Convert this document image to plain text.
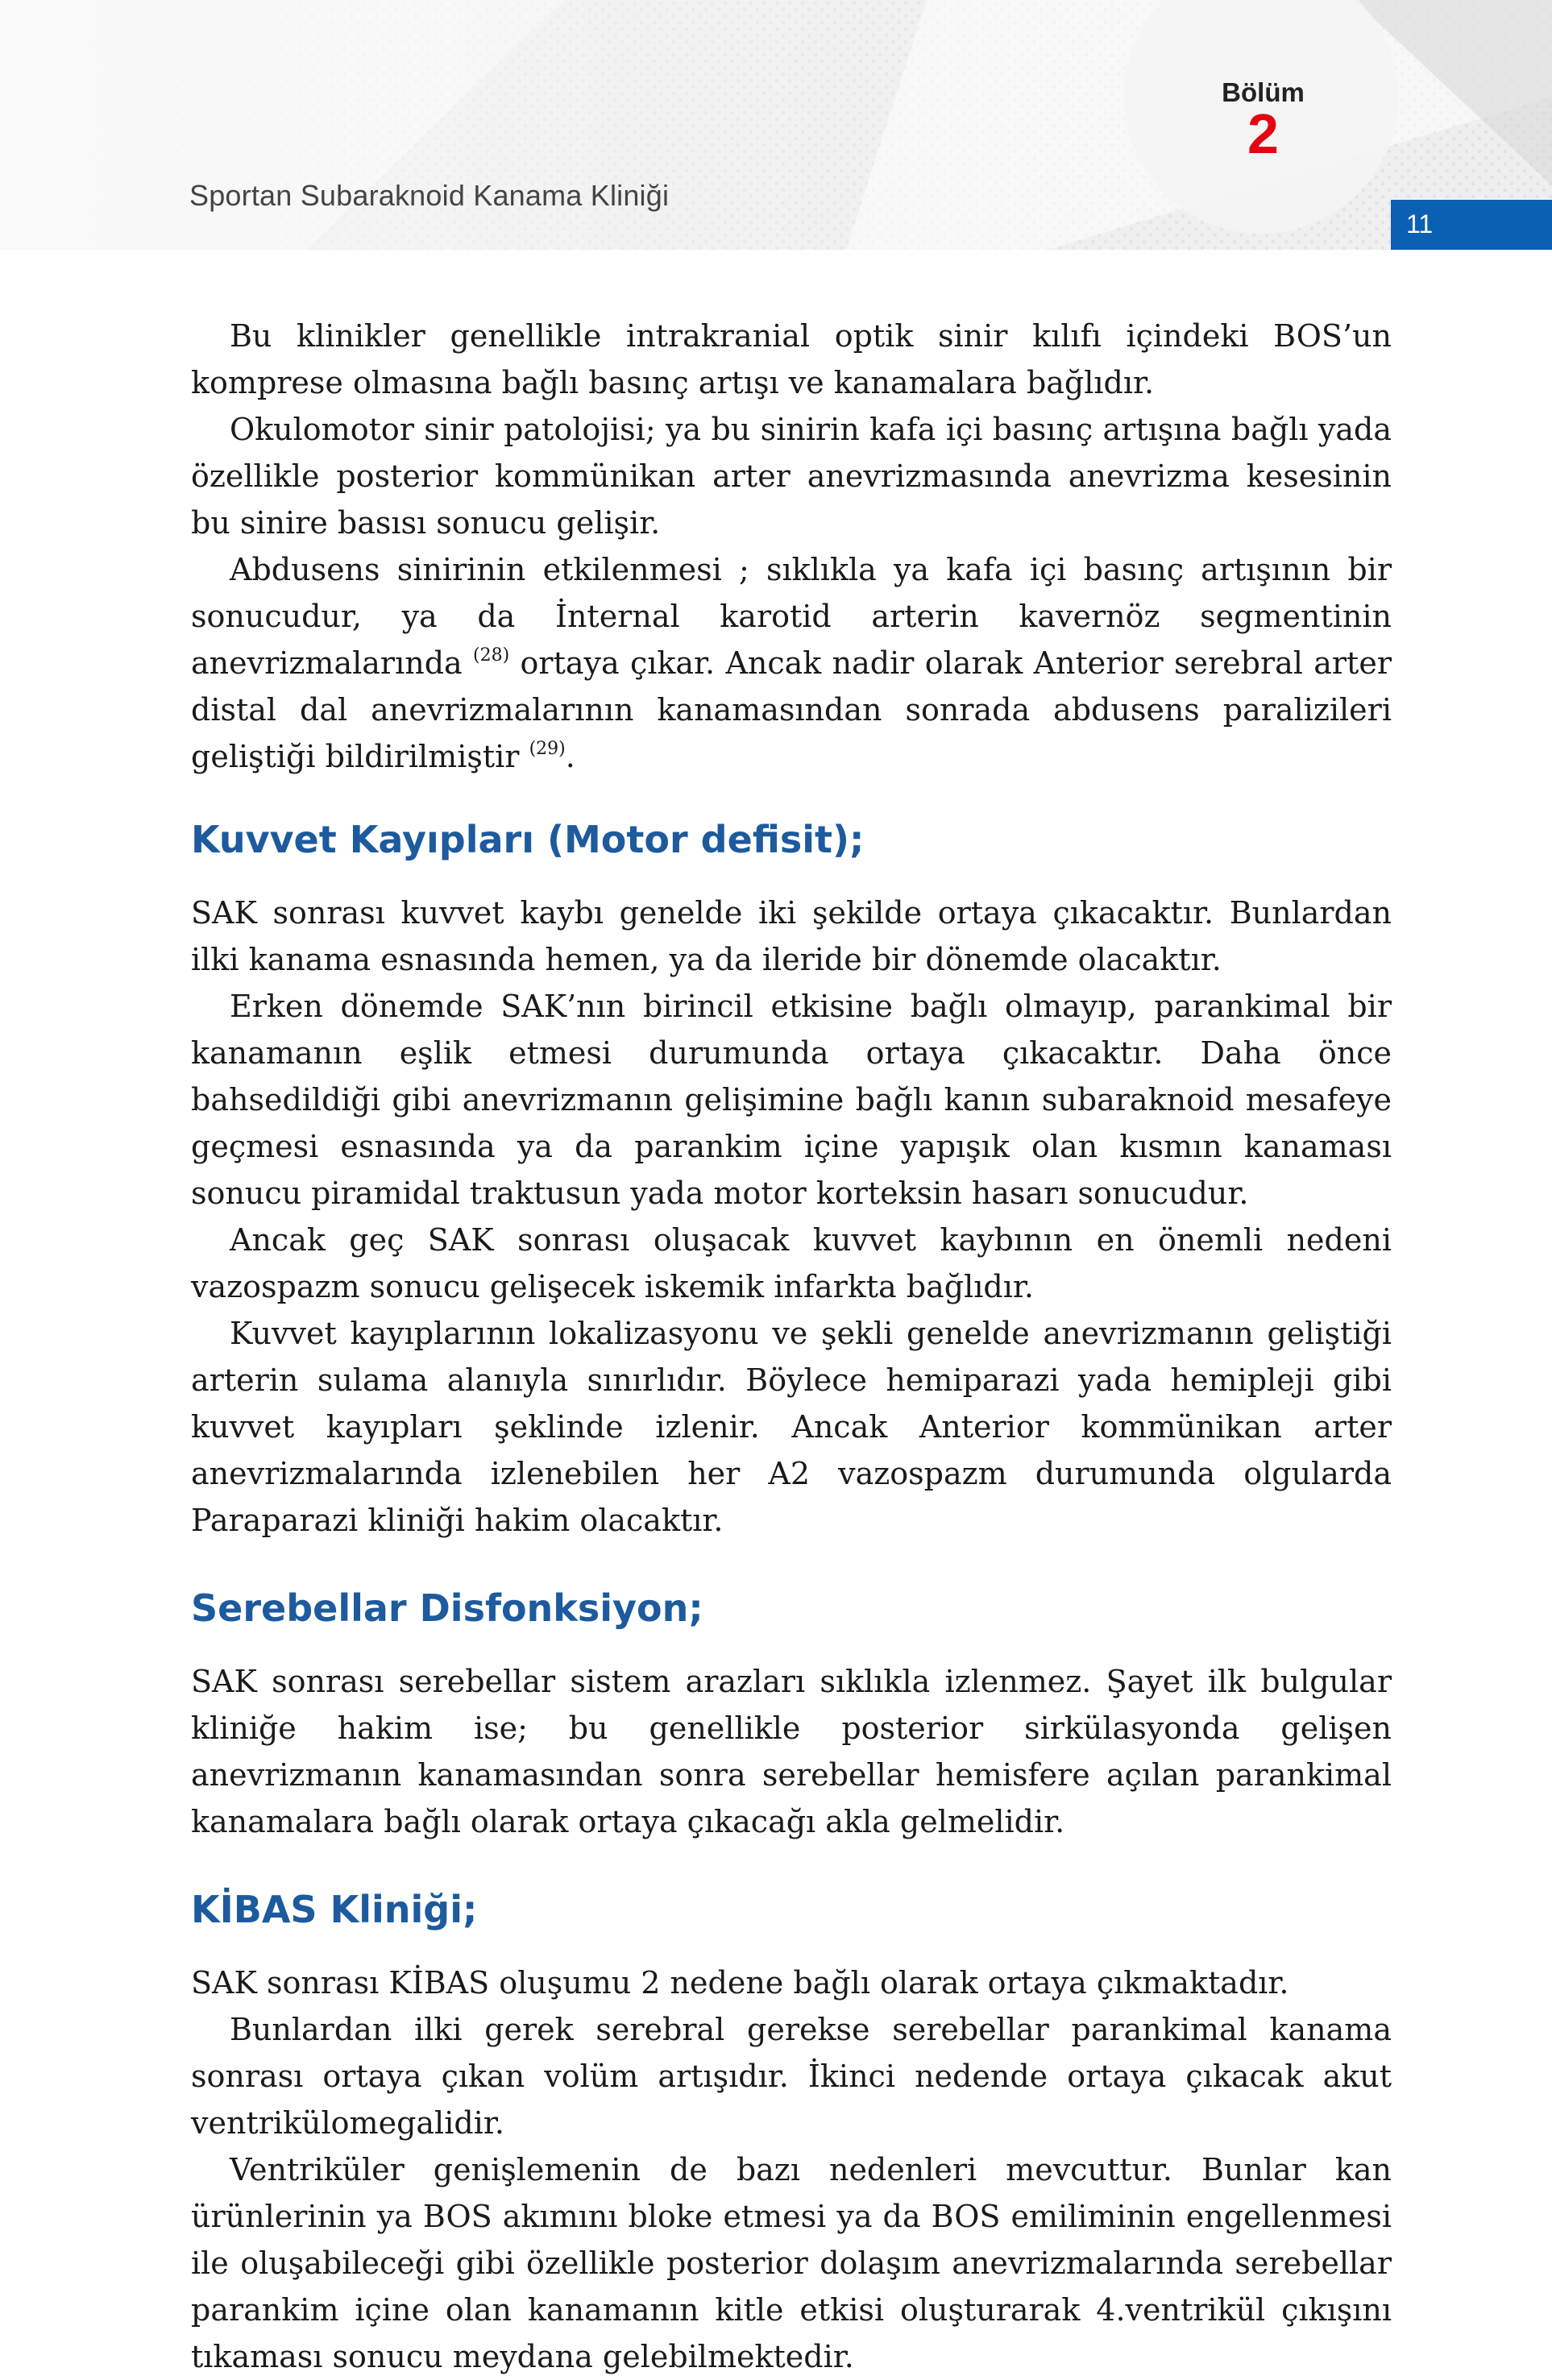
Sportan Subaraknoid Kanama Kliniği
Bölüm
2
11

Bu klinikler genellikle intrakranial optik sinir kılıfı içindeki BOS’un komprese olmasına bağlı basınç artışı ve kanamalara bağlıdır.

Okulomotor sinir patolojisi; ya bu sinirin kafa içi basınç artışına bağlı yada özellikle posterior kommünikan arter anevrizmasında anevrizma kesesinin bu sinire basısı sonucu gelişir.

Abdusens sinirinin etkilenmesi ; sıklıkla ya kafa içi basınç artışının bir sonucudur, ya da İnternal karotid arterin kavernöz segmentinin anevrizmalarında $^{(28)}$ ortaya çıkar. Ancak nadir olarak Anterior serebral arter distal dal anevrizmalarının kanamasından sonrada abdusens paralizileri geliştiği bildirilmiştir $^{(29)}$.

Kuvvet Kayıpları (Motor defisit);

SAK sonrası kuvvet kaybı genelde iki şekilde ortaya çıkacaktır. Bunlardan ilki kanama esnasında hemen, ya da ileride bir dönemde olacaktır.

Erken dönemde SAK’nın birincil etkisine bağlı olmayıp, parankimal bir kanamanın eşlik etmesi durumunda ortaya çıkacaktır. Daha önce bahsedildiği gibi anevrizmanın gelişimine bağlı kanın subaraknoid mesafeye geçmesi esnasında ya da parankim içine yapışık olan kısmın kanaması sonucu piramidal traktusun yada motor korteksin hasarı sonucudur.

Ancak geç SAK sonrası oluşacak kuvvet kaybının en önemli nedeni vazospazm sonucu gelişecek iskemik infarkta bağlıdır.

Kuvvet kayıplarının lokalizasyonu ve şekli genelde anevrizmanın geliştiği arterin sulama alanıyla sınırlıdır. Böylece hemiparazi yada hemipleji gibi kuvvet kayıpları şeklinde izlenir. Ancak Anterior kommünikan arter anevrizmalarında izlenebilen her A2 vazospazm durumunda olgularda Paraparazi kliniği hakim olacaktır.

Serebellar Disfonksiyon;

SAK sonrası serebellar sistem arazları sıklıkla izlenmez. Şayet ilk bulgular kliniğe hakim ise; bu genellikle posterior sirkülasyonda gelişen anevrizmanın kanamasından sonra serebellar hemisfere açılan parankimal kanamalara bağlı olarak ortaya çıkacağı akla gelmelidir.

KİBAS Kliniği;

SAK sonrası KİBAS oluşumu 2 nedene bağlı olarak ortaya çıkmaktadır.

Bunlardan ilki gerek serebral gerekse serebellar parankimal kanama sonrası ortaya çıkan volüm artışıdır. İkinci nedende ortaya çıkacak akut ventrikülomegalidir.

Ventriküler genişlemenin de bazı nedenleri mevcuttur. Bunlar kan ürünlerinin ya BOS akımını bloke etmesi ya da BOS emiliminin engellenmesi ile oluşabileceği gibi özellikle posterior dolaşım anevrizmalarında serebellar parankim içine olan kanamanın kitle etkisi oluşturarak 4.ventrikül çıkışını tıkaması sonucu meydana gelebilmektedir.
